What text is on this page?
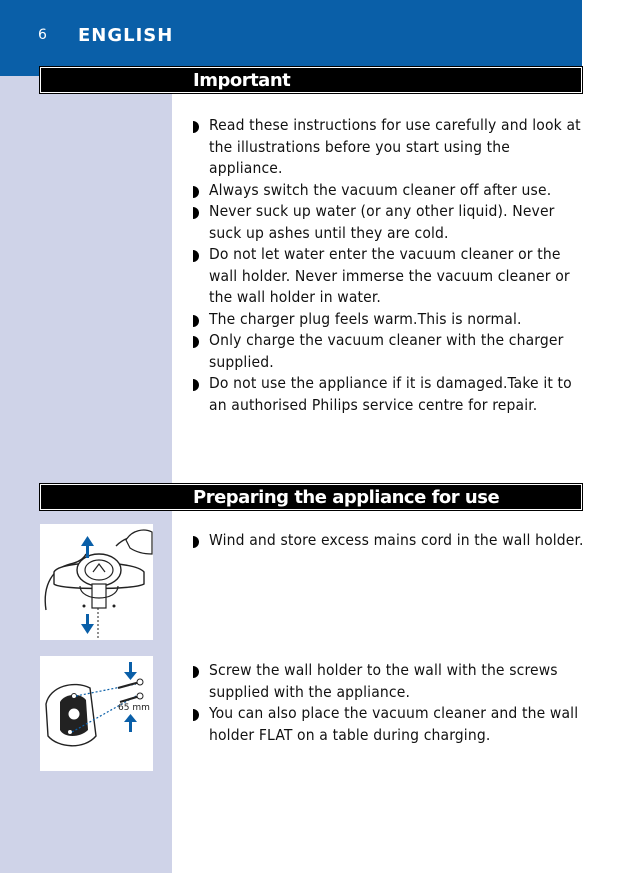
6 ENGLISH
Important
Read these instructions for use carefully and look at the illustrations before you start using the appliance.
Always switch the vacuum cleaner off after use.
Never suck up water (or any other liquid). Never suck up ashes until they are cold.
Do not let water enter the vacuum cleaner or the wall holder. Never immerse the vacuum cleaner or the wall holder in water.
The charger plug feels warm.This is normal.
Only charge the vacuum cleaner with the charger supplied.
Do not use the appliance if it is damaged.Take it to an authorised Philips service centre for repair.
Preparing the appliance for use
Wind and store excess mains cord in the wall holder.
65 mm
Screw the wall holder to the wall with the screws supplied with the appliance.
You can also place the vacuum cleaner and the wall holder FLAT on a table during charging.
